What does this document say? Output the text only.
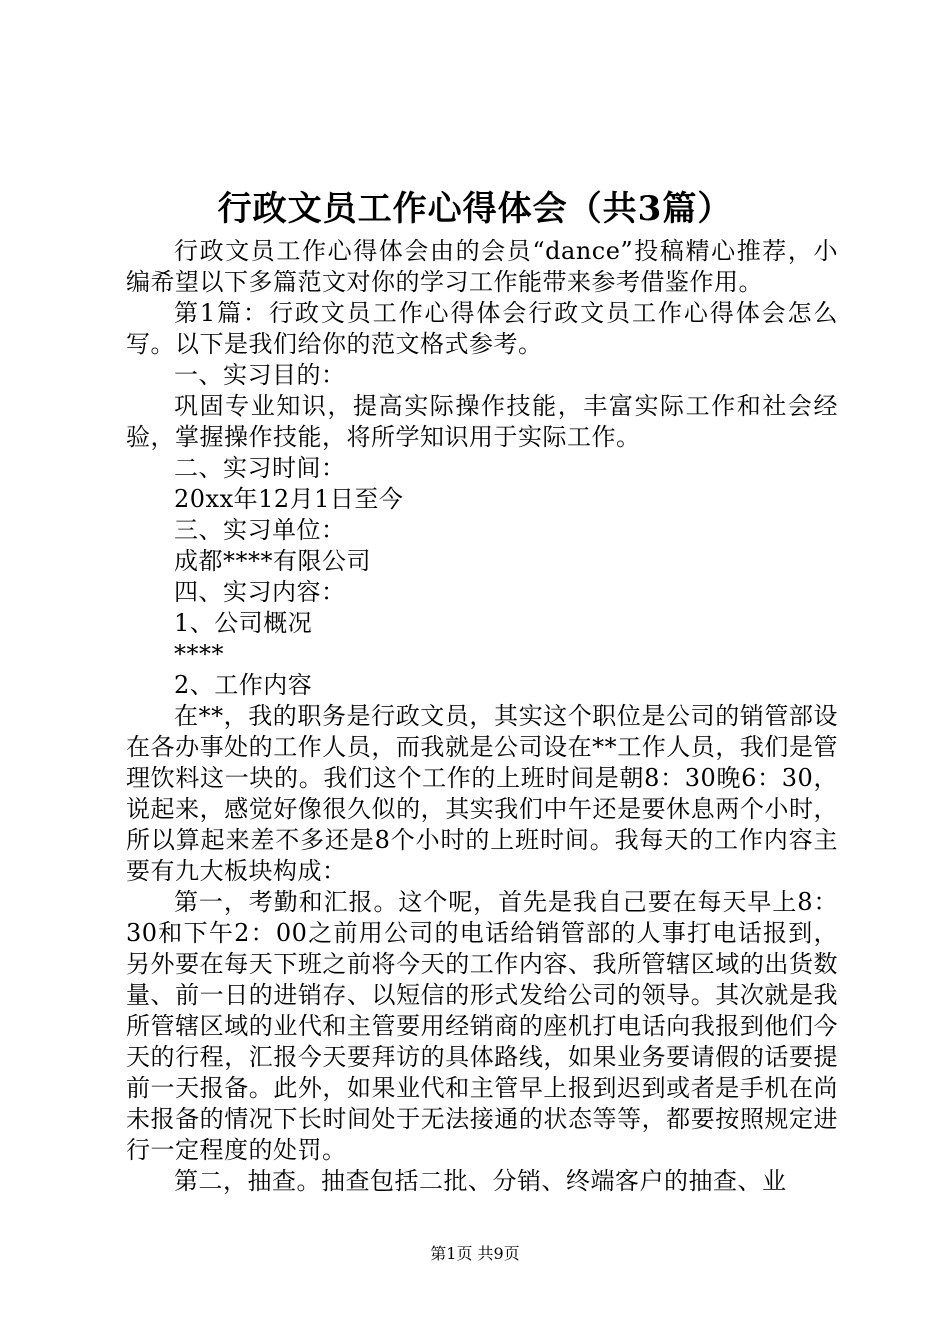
行政文员工作心得体会（共3篇）

行政文员工作心得体会由的会员“dance”投稿精心推荐，小编希望以下多篇范文对你的学习工作能带来参考借鉴作用。

第1篇：行政文员工作心得体会行政文员工作心得体会怎么写。以下是我们给你的范文格式参考。

一、实习目的：

巩固专业知识，提高实际操作技能，丰富实际工作和社会经验，掌握操作技能，将所学知识用于实际工作。

二、实习时间：

20xx年12月1日至今

三、实习单位：

成都****有限公司

四、实习内容：

1、公司概况

****

2、工作内容

在**，我的职务是行政文员，其实这个职位是公司的销管部设在各办事处的工作人员，而我就是公司设在**工作人员，我们是管理饮料这一块的。我们这个工作的上班时间是朝8：30晚6：30，说起来，感觉好像很久似的，其实我们中午还是要休息两个小时，所以算起来差不多还是8个小时的上班时间。我每天的工作内容主要有九大板块构成：

第一，考勤和汇报。这个呢，首先是我自己要在每天早上8：30和下午2：00之前用公司的电话给销管部的人事打电话报到，另外要在每天下班之前将今天的工作内容、我所管辖区域的出货数量、前一日的进销存、以短信的形式发给公司的领导。其次就是我所管辖区域的业代和主管要用经销商的座机打电话向我报到他们今天的行程，汇报今天要拜访的具体路线，如果业务要请假的话要提前一天报备。此外，如果业代和主管早上报到迟到或者是手机在尚未报备的情况下长时间处于无法接通的状态等等，都要按照规定进行一定程度的处罚。

第二，抽查。抽查包括二批、分销、终端客户的抽查、业

第1页 共9页
